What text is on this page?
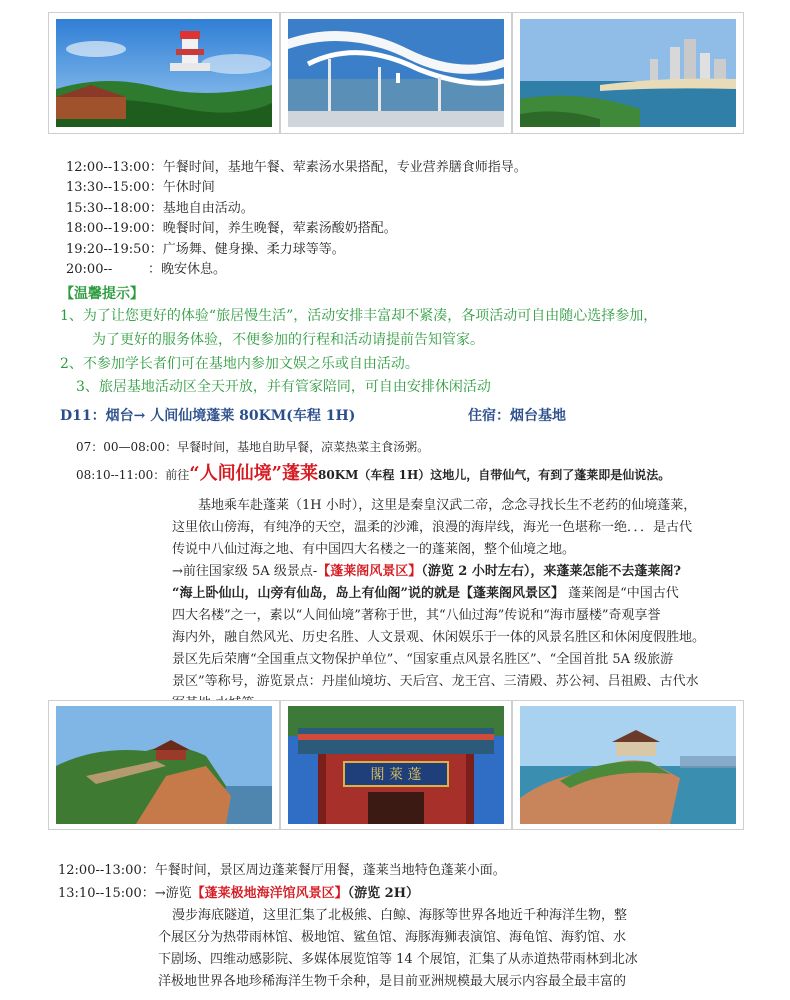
12:00--13:00：午餐时间，基地午餐、荤素汤水果搭配，专业营养膳食师指导。
13:30--15:00：午休时间
15:30--18:00：基地自由活动。
18:00--19:00：晚餐时间，养生晚餐，荤素汤酸奶搭配。
19:20--19:50：广场舞、健身操、柔力球等等。
20:00--	：晚安休息。
【温馨提示】
1、为了让您更好的体验“旅居慢生活”，活动安排丰富却不紧凑，各项活动可自由随心选择参加，
为了更好的服务体验，不便参加的行程和活动请提前告知管家。
2、不参加学长者们可在基地内参加文娱之乐或自由活动。
3、旅居基地活动区全天开放，并有管家陪同，可自由安排休闲活动
D11：烟台→ 人间仙境蓬莱 80KM(车程 1H)	住宿：烟台基地
07：00—08:00：早餐时间，基地自助早餐，凉菜热菜主食汤粥。
08:10--11:00：前往“人间仙境”蓬莱80KM（车程 1H）这地儿，自带仙气，有到了蓬莱即是仙说法。
基地乘车赴蓬莱（1H 小时），这里是秦皇汉武二帝，念念寻找长生不老药的仙境蓬莱，
这里依山傍海，有纯净的天空，温柔的沙滩，浪漫的海岸线，海光一色堪称一绝．．．是古代
传说中八仙过海之地、有中国四大名楼之一的蓬莱阁，整个仙境之地。
→前往国家级 5A 级景点-【蓬莱阁风景区】（游览 2 小时左右），来蓬莱怎能不去蓬莱阁?
“海上卧仙山，山旁有仙岛，岛上有仙阁”说的就是【蓬莱阁风景区】 蓬莱阁是“中国古代
四大名楼”之一，素以“人间仙境”著称于世，其“八仙过海”传说和“海市蜃楼”奇观享誉
海内外，融自然风光、历史名胜、人文景观、休闲娱乐于一体的风景名胜区和休闲度假胜地。
景区先后荣膺“全国重点文物保护单位”、“国家重点风景名胜区”、“全国首批 5A 级旅游
景区”等称号，游览景点：丹崖仙境坊、天后宫、龙王宫、三清殿、苏公祠、吕祖殿、古代水
閣 萊 蓬
12:00--13:00：午餐时间，景区周边蓬莱餐厅用餐，蓬莱当地特色蓬莱小面。
13:10--15:00：→游览【蓬莱极地海洋馆风景区】（游览 2H）
漫步海底隧道，这里汇集了北极熊、白鲸、海豚等世界各地近千种海洋生物，整
个展区分为热带雨林馆、极地馆、鲨鱼馆、海豚海狮表演馆、海龟馆、海豹馆、水
下剧场、四维动感影院、多媒体展览馆等 14 个展馆，汇集了从赤道热带雨林到北冰
洋极地世界各地珍稀海洋生物千余种，是目前亚洲规模最大展示内容最全最丰富的
